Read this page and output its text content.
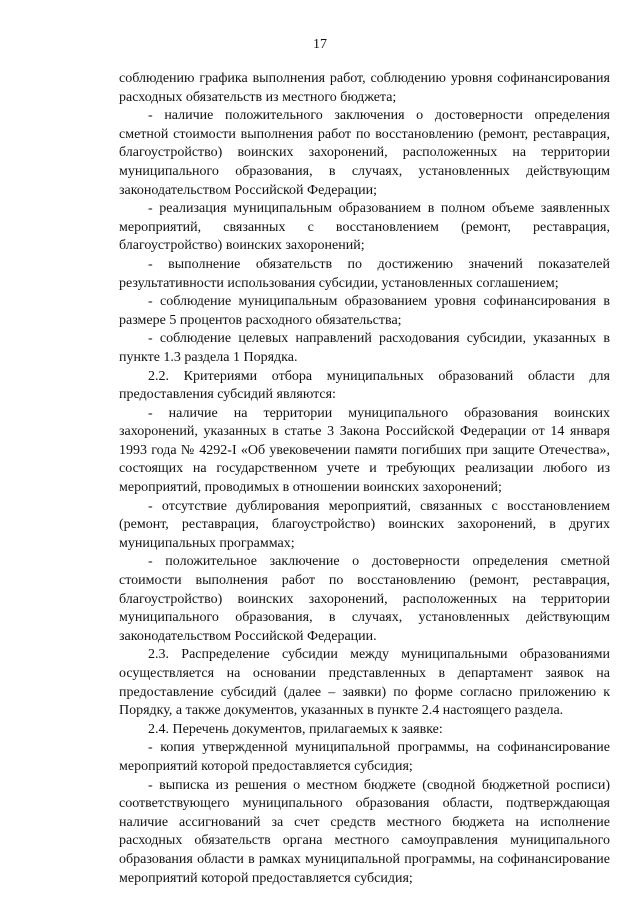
17

соблюдению графика выполнения работ, соблюдению уровня софинансирования расходных обязательств из местного бюджета;

- наличие положительного заключения о достоверности определения сметной стоимости выполнения работ по восстановлению (ремонт, реставрация, благоустройство) воинских захоронений, расположенных на территории муниципального образования, в случаях, установленных действующим законодательством Российской Федерации;

- реализация муниципальным образованием в полном объеме заявленных мероприятий, связанных с восстановлением (ремонт, реставрация, благоустройство) воинских захоронений;

- выполнение обязательств по достижению значений показателей результативности использования субсидии, установленных соглашением;

- соблюдение муниципальным образованием уровня софинансирования в размере 5 процентов расходного обязательства;

- соблюдение целевых направлений расходования субсидии, указанных в пункте 1.3 раздела 1 Порядка.

2.2. Критериями отбора муниципальных образований области для предоставления субсидий являются:

- наличие на территории муниципального образования воинских захоронений, указанных в статье 3 Закона Российской Федерации от 14 января 1993 года № 4292-I «Об увековечении памяти погибших при защите Отечества», состоящих на государственном учете и требующих реализации любого из мероприятий, проводимых в отношении воинских захоронений;

- отсутствие дублирования мероприятий, связанных с восстановлением (ремонт, реставрация, благоустройство) воинских захоронений, в других муниципальных программах;

- положительное заключение о достоверности определения сметной стоимости выполнения работ по восстановлению (ремонт, реставрация, благоустройство) воинских захоронений, расположенных на территории муниципального образования, в случаях, установленных действующим законодательством Российской Федерации.

2.3. Распределение субсидии между муниципальными образованиями осуществляется на основании представленных в департамент заявок на предоставление субсидий (далее – заявки) по форме согласно приложению к Порядку, а также документов, указанных в пункте 2.4 настоящего раздела.

2.4. Перечень документов, прилагаемых к заявке:

- копия утвержденной муниципальной программы, на софинансирование мероприятий которой предоставляется субсидия;

- выписка из решения о местном бюджете (сводной бюджетной росписи) соответствующего муниципального образования области, подтверждающая наличие ассигнований за счет средств местного бюджета на исполнение расходных обязательств органа местного самоуправления муниципального образования области в рамках муниципальной программы, на софинансирование мероприятий которой предоставляется субсидия;
